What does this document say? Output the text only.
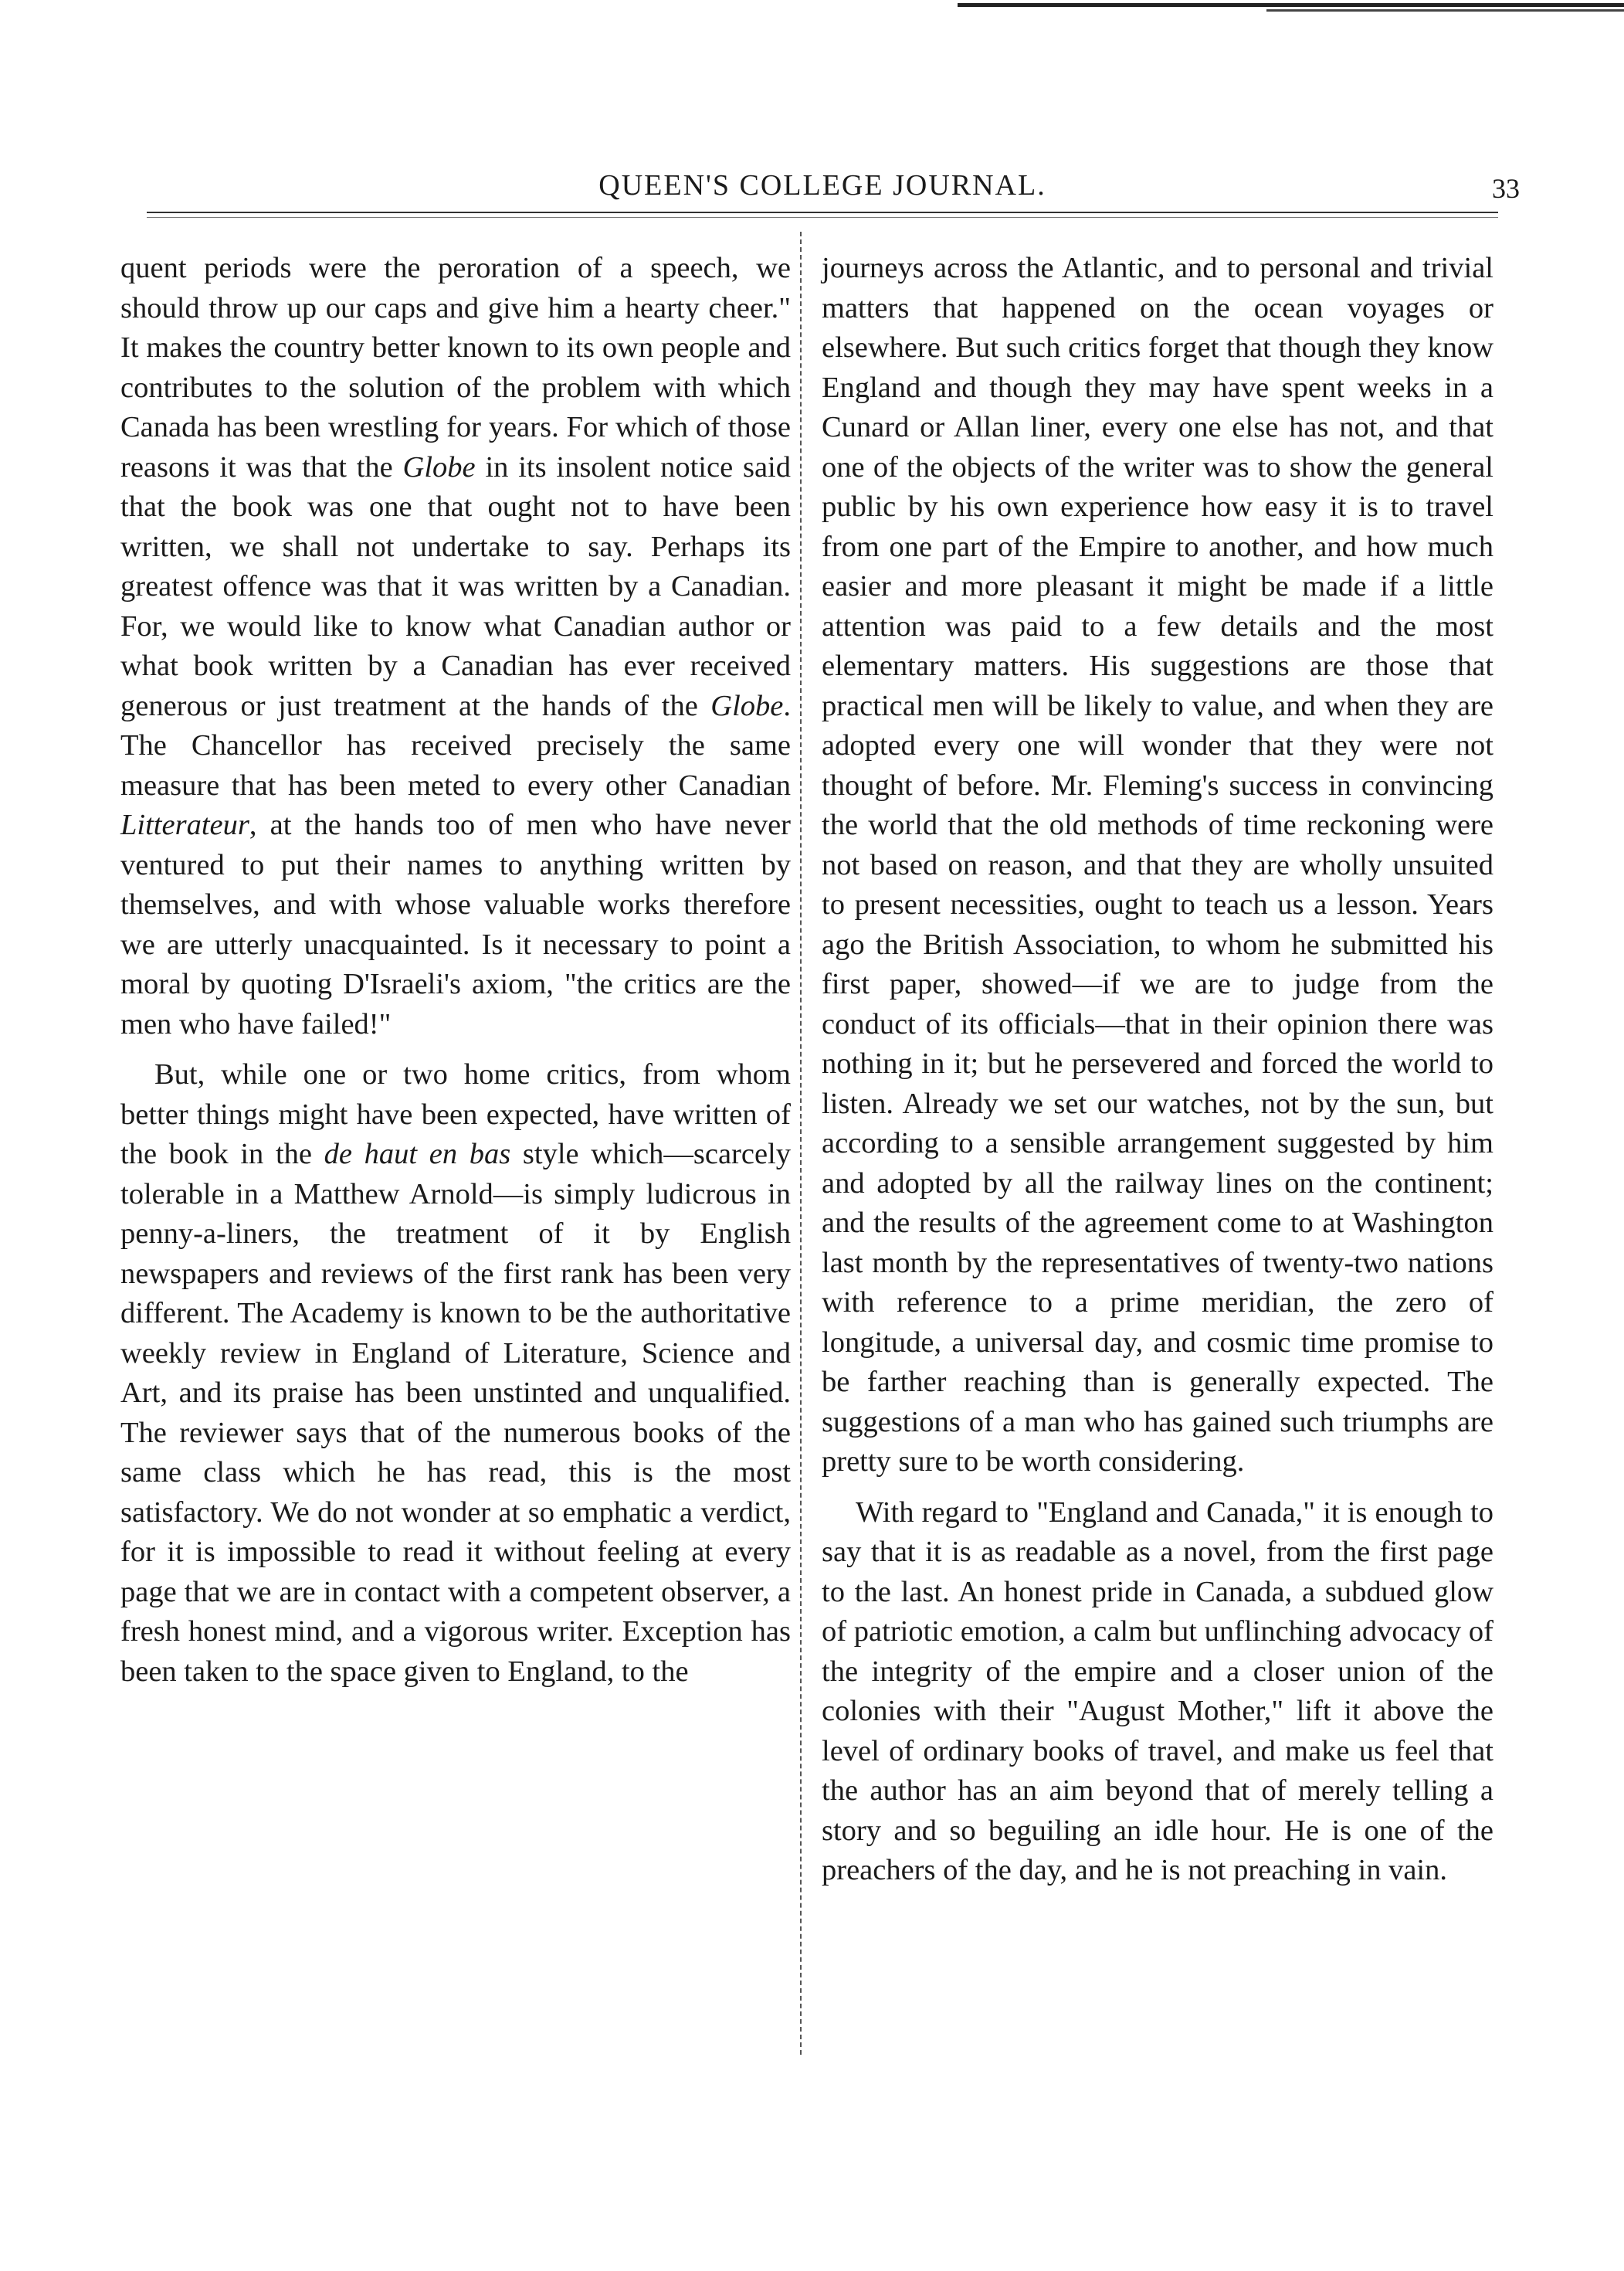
QUEEN'S COLLEGE JOURNAL.	33

quent periods were the peroration of a speech, we should throw up our caps and give him a hearty cheer." It makes the country better known to its own people and contributes to the solution of the problem with which Canada has been wrestling for years. For which of those reasons it was that the Globe in its insolent notice said that the book was one that ought not to have been written, we shall not undertake to say. Perhaps its greatest offence was that it was written by a Canadian. For, we would like to know what Canadian author or what book written by a Canadian has ever received generous or just treatment at the hands of the Globe. The Chancellor has received precisely the same measure that has been meted to every other Canadian Litterateur, at the hands too of men who have never ventured to put their names to anything written by themselves, and with whose valuable works therefore we are utterly unacquainted. Is it necessary to point a moral by quoting D'Israeli's axiom, "the critics are the men who have failed!"

But, while one or two home critics, from whom better things might have been expected, have written of the book in the de haut en bas style which—scarcely tolerable in a Matthew Arnold—is simply ludicrous in penny-a-liners, the treatment of it by English newspapers and reviews of the first rank has been very different. The Academy is known to be the authoritative weekly review in England of Literature, Science and Art, and its praise has been unstinted and unqualified. The reviewer says that of the numerous books of the same class which he has read, this is the most satisfactory. We do not wonder at so emphatic a verdict, for it is impossible to read it without feeling at every page that we are in contact with a competent observer, a fresh honest mind, and a vigorous writer. Exception has been taken to the space given to England, to the

journeys across the Atlantic, and to personal and trivial matters that happened on the ocean voyages or elsewhere. But such critics forget that though they know England and though they may have spent weeks in a Cunard or Allan liner, every one else has not, and that one of the objects of the writer was to show the general public by his own experience how easy it is to travel from one part of the Empire to another, and how much easier and more pleasant it might be made if a little attention was paid to a few details and the most elementary matters. His suggestions are those that practical men will be likely to value, and when they are adopted every one will wonder that they were not thought of before. Mr. Fleming's success in convincing the world that the old methods of time reckoning were not based on reason, and that they are wholly unsuited to present necessities, ought to teach us a lesson. Years ago the British Association, to whom he submitted his first paper, showed—if we are to judge from the conduct of its officials—that in their opinion there was nothing in it; but he persevered and forced the world to listen. Already we set our watches, not by the sun, but according to a sensible arrangement suggested by him and adopted by all the railway lines on the continent; and the results of the agreement come to at Washington last month by the representatives of twenty-two nations with reference to a prime meridian, the zero of longitude, a universal day, and cosmic time promise to be farther reaching than is generally expected. The suggestions of a man who has gained such triumphs are pretty sure to be worth considering.

With regard to "England and Canada," it is enough to say that it is as readable as a novel, from the first page to the last. An honest pride in Canada, a subdued glow of patriotic emotion, a calm but unflinching advocacy of the integrity of the empire and a closer union of the colonies with their "August Mother," lift it above the level of ordinary books of travel, and make us feel that the author has an aim beyond that of merely telling a story and so beguiling an idle hour. He is one of the preachers of the day, and he is not preaching in vain.
